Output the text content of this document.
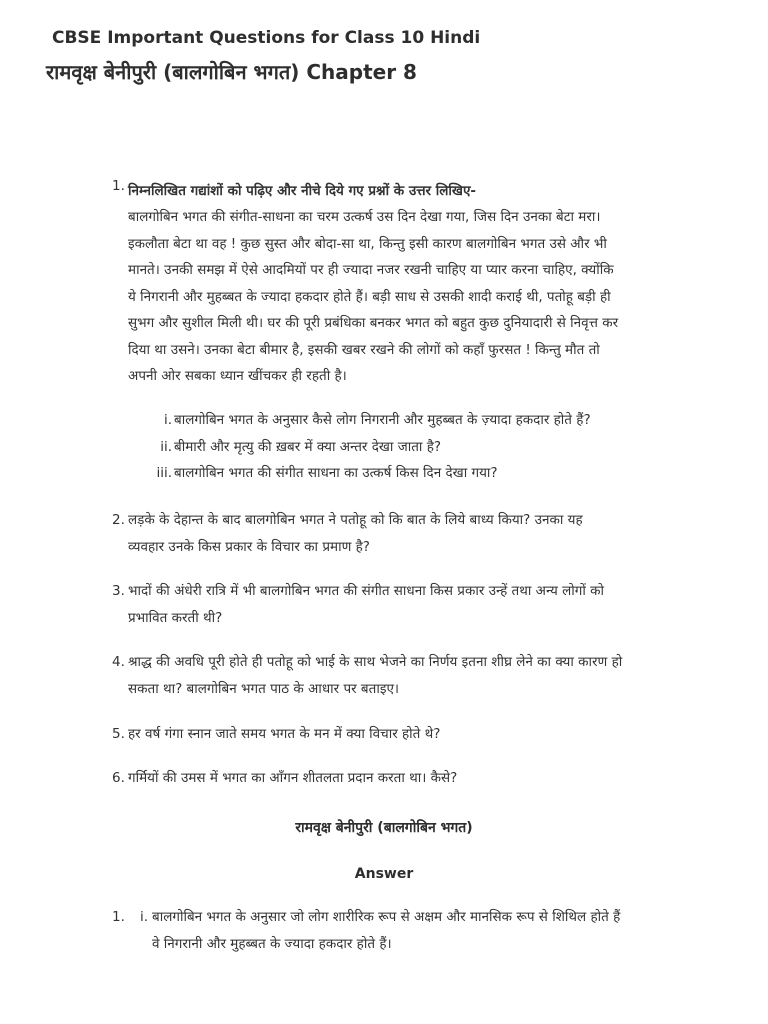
CBSE Important Questions for Class 10 Hindi
रामवृक्ष बेनीपुरी (बालगोबिन भगत) Chapter 8
1. निम्नलिखित गद्यांशों को पढ़िए और नीचे दिये गए प्रश्नों के उत्तर लिखिए-
बालगोबिन भगत की संगीत-साधना का चरम उत्कर्ष उस दिन देखा गया, जिस दिन उनका बेटा मरा।
इकलौता बेटा था वह ! कुछ सुस्त और बोदा-सा था, किन्तु इसी कारण बालगोबिन भगत उसे और भी
मानते। उनकी समझ में ऐसे आदमियों पर ही ज्यादा नजर रखनी चाहिए या प्यार करना चाहिए, क्योंकि
ये निगरानी और मुहब्बत के ज्यादा हकदार होते हैं। बड़ी साध से उसकी शादी कराई थी, पतोहू बड़ी ही
सुभग और सुशील मिली थी। घर की पूरी प्रबंधिका बनकर भगत को बहुत कुछ दुनियादारी से निवृत्त कर
दिया था उसने। उनका बेटा बीमार है, इसकी खबर रखने की लोगों को कहाँ फुरसत ! किन्तु मौत तो
अपनी ओर सबका ध्यान खींचकर ही रहती है।
i. बालगोबिन भगत के अनुसार कैसे लोग निगरानी और मुहब्बत के ज़्यादा हकदार होते हैं?
ii. बीमारी और मृत्यु की ख़बर में क्या अन्तर देखा जाता है?
iii. बालगोबिन भगत की संगीत साधना का उत्कर्ष किस दिन देखा गया?
2. लड़के के देहान्त के बाद बालगोबिन भगत ने पतोहू को कि बात के लिये बाध्य किया? उनका यह
व्यवहार उनके किस प्रकार के विचार का प्रमाण है?
3. भादों की अंधेरी रात्रि में भी बालगोबिन भगत की संगीत साधना किस प्रकार उन्हें तथा अन्य लोगों को
प्रभावित करती थी?
4. श्राद्ध की अवधि पूरी होते ही पतोहू को भाई के साथ भेजने का निर्णय इतना शीघ्र लेने का क्या कारण हो
सकता था? बालगोबिन भगत पाठ के आधार पर बताइए।
5. हर वर्ष गंगा स्नान जाते समय भगत के मन में क्या विचार होते थे?
6. गर्मियों की उमस में भगत का आँगन शीतलता प्रदान करता था। कैसे?
रामवृक्ष बेनीपुरी (बालगोबिन भगत)
Answer
1. i. बालगोबिन भगत के अनुसार जो लोग शारीरिक रूप से अक्षम और मानसिक रूप से शिथिल होते हैं
वे निगरानी और मुहब्बत के ज्यादा हकदार होते हैं।
